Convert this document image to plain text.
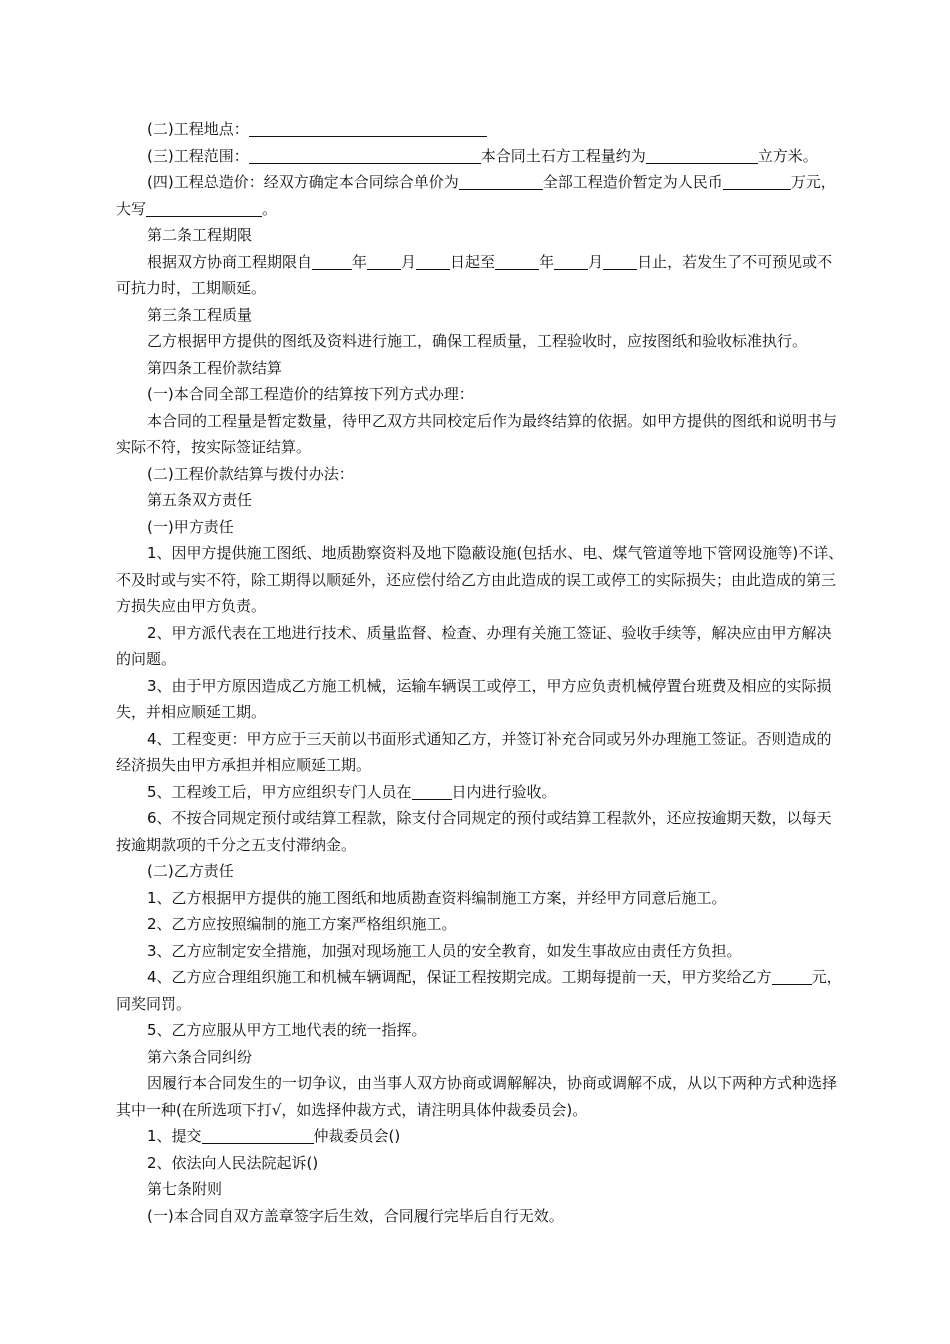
(二)工程地点：

(三)工程范围：	本合同土石方工程量约为	立方米。

(四)工程总造价：经双方确定本合同综合单价为	全部工程造价暂定为人民币	万元，大写	。

第二条工程期限

根据双方协商工程期限自	年 月 日起至	年 月 日止，若发生了不可预见或不可抗力时，工期顺延。

第三条工程质量

乙方根据甲方提供的图纸及资料进行施工，确保工程质量，工程验收时，应按图纸和验收标准执行。

第四条工程价款结算

(一)本合同全部工程造价的结算按下列方式办理：

本合同的工程量是暂定数量，待甲乙双方共同校定后作为最终结算的依据。如甲方提供的图纸和说明书与实际不符，按实际签证结算。

(二)工程价款结算与拨付办法：

第五条双方责任

(一)甲方责任

1、因甲方提供施工图纸、地质勘察资料及地下隐蔽设施(包括水、电、煤气管道等地下管网设施等)不详、不及时或与实不符，除工期得以顺延外，还应偿付给乙方由此造成的误工或停工的实际损失；由此造成的第三方损失应由甲方负责。

2、甲方派代表在工地进行技术、质量监督、检查、办理有关施工签证、验收手续等，解决应由甲方解决的问题。

3、由于甲方原因造成乙方施工机械，运输车辆误工或停工，甲方应负责机械停置台班费及相应的实际损失，并相应顺延工期。

4、工程变更：甲方应于三天前以书面形式通知乙方，并签订补充合同或另外办理施工签证。否则造成的经济损失由甲方承担并相应顺延工期。

5、工程竣工后，甲方应组织专门人员在	日内进行验收。

6、不按合同规定预付或结算工程款，除支付合同规定的预付或结算工程款外，还应按逾期天数，以每天按逾期款项的千分之五支付滞纳金。

(二)乙方责任

1、乙方根据甲方提供的施工图纸和地质勘查资料编制施工方案，并经甲方同意后施工。

2、乙方应按照编制的施工方案严格组织施工。

3、乙方应制定安全措施，加强对现场施工人员的安全教育，如发生事故应由责任方负担。

4、乙方应合理组织施工和机械车辆调配，保证工程按期完成。工期每提前一天，甲方奖给乙方	元，同奖同罚。

5、乙方应服从甲方工地代表的统一指挥。

第六条合同纠纷

因履行本合同发生的一切争议，由当事人双方协商或调解解决，协商或调解不成，从以下两种方式种选择其中一种(在所选项下打√，如选择仲裁方式，请注明具体仲裁委员会)。

1、提交	仲裁委员会()

2、依法向人民法院起诉()

第七条附则

(一)本合同自双方盖章签字后生效，合同履行完毕后自行无效。
